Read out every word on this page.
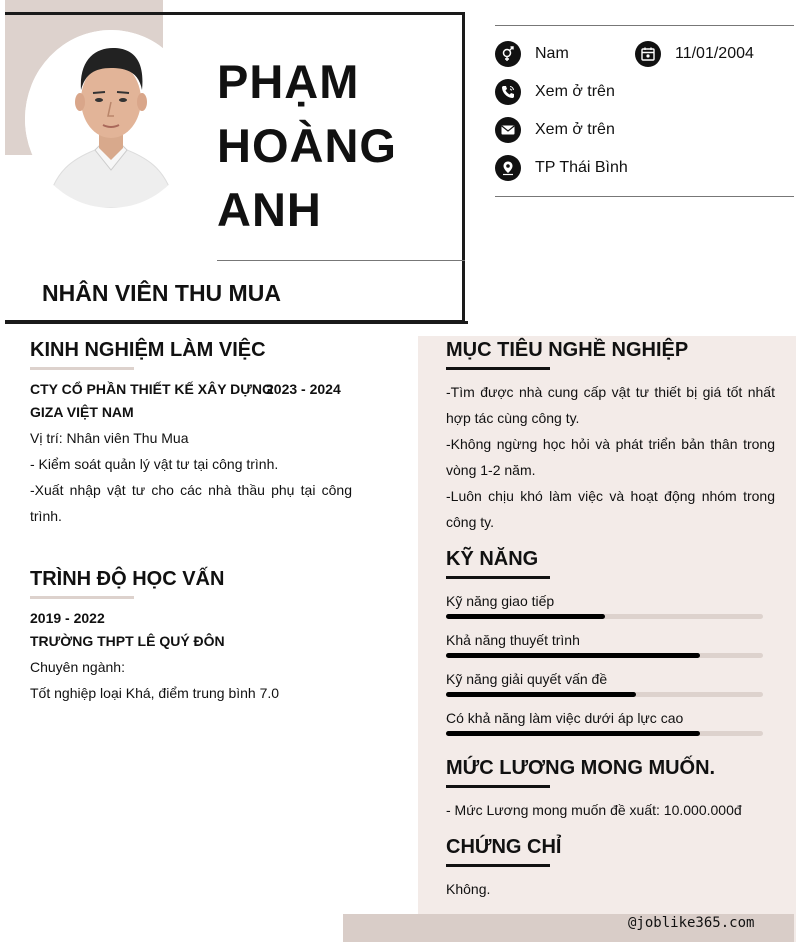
PHẠM
HOÀNG
ANH
NHÂN VIÊN THU MUA
Nam	11/01/2004
Xem ở trên
Xem ở trên
TP Thái Bình
KINH NGHIỆM LÀM VIỆC
CTY CỔ PHẦN THIẾT KẾ XÂY DỰNG
2023 - 2024
GIZA VIỆT NAM
Vị trí: Nhân viên Thu Mua
- Kiểm soát quản lý vật tư tại công trình.
-Xuất nhập vật tư cho các nhà thầu phụ tại công trình.
TRÌNH ĐỘ HỌC VẤN
2019 - 2022
TRƯỜNG THPT LÊ QUÝ ĐÔN
Chuyên ngành:
Tốt nghiệp loại Khá, điểm trung bình 7.0
MỤC TIÊU NGHỀ NGHIỆP
-Tìm được nhà cung cấp vật tư thiết bị giá tốt nhất hợp tác cùng công ty.
-Không ngừng học hỏi và phát triển bản thân trong vòng 1-2 năm.
-Luôn chịu khó làm việc và hoạt động nhóm trong công ty.
KỸ NĂNG
Kỹ năng giao tiếp
Khả năng thuyết trình
Kỹ năng giải quyết vấn đề
Có khả năng làm việc dưới áp lực cao
MỨC LƯƠNG MONG MUỐN.
- Mức Lương mong muốn đề xuất: 10.000.000đ
CHỨNG CHỈ
Không.
@joblike365.com
